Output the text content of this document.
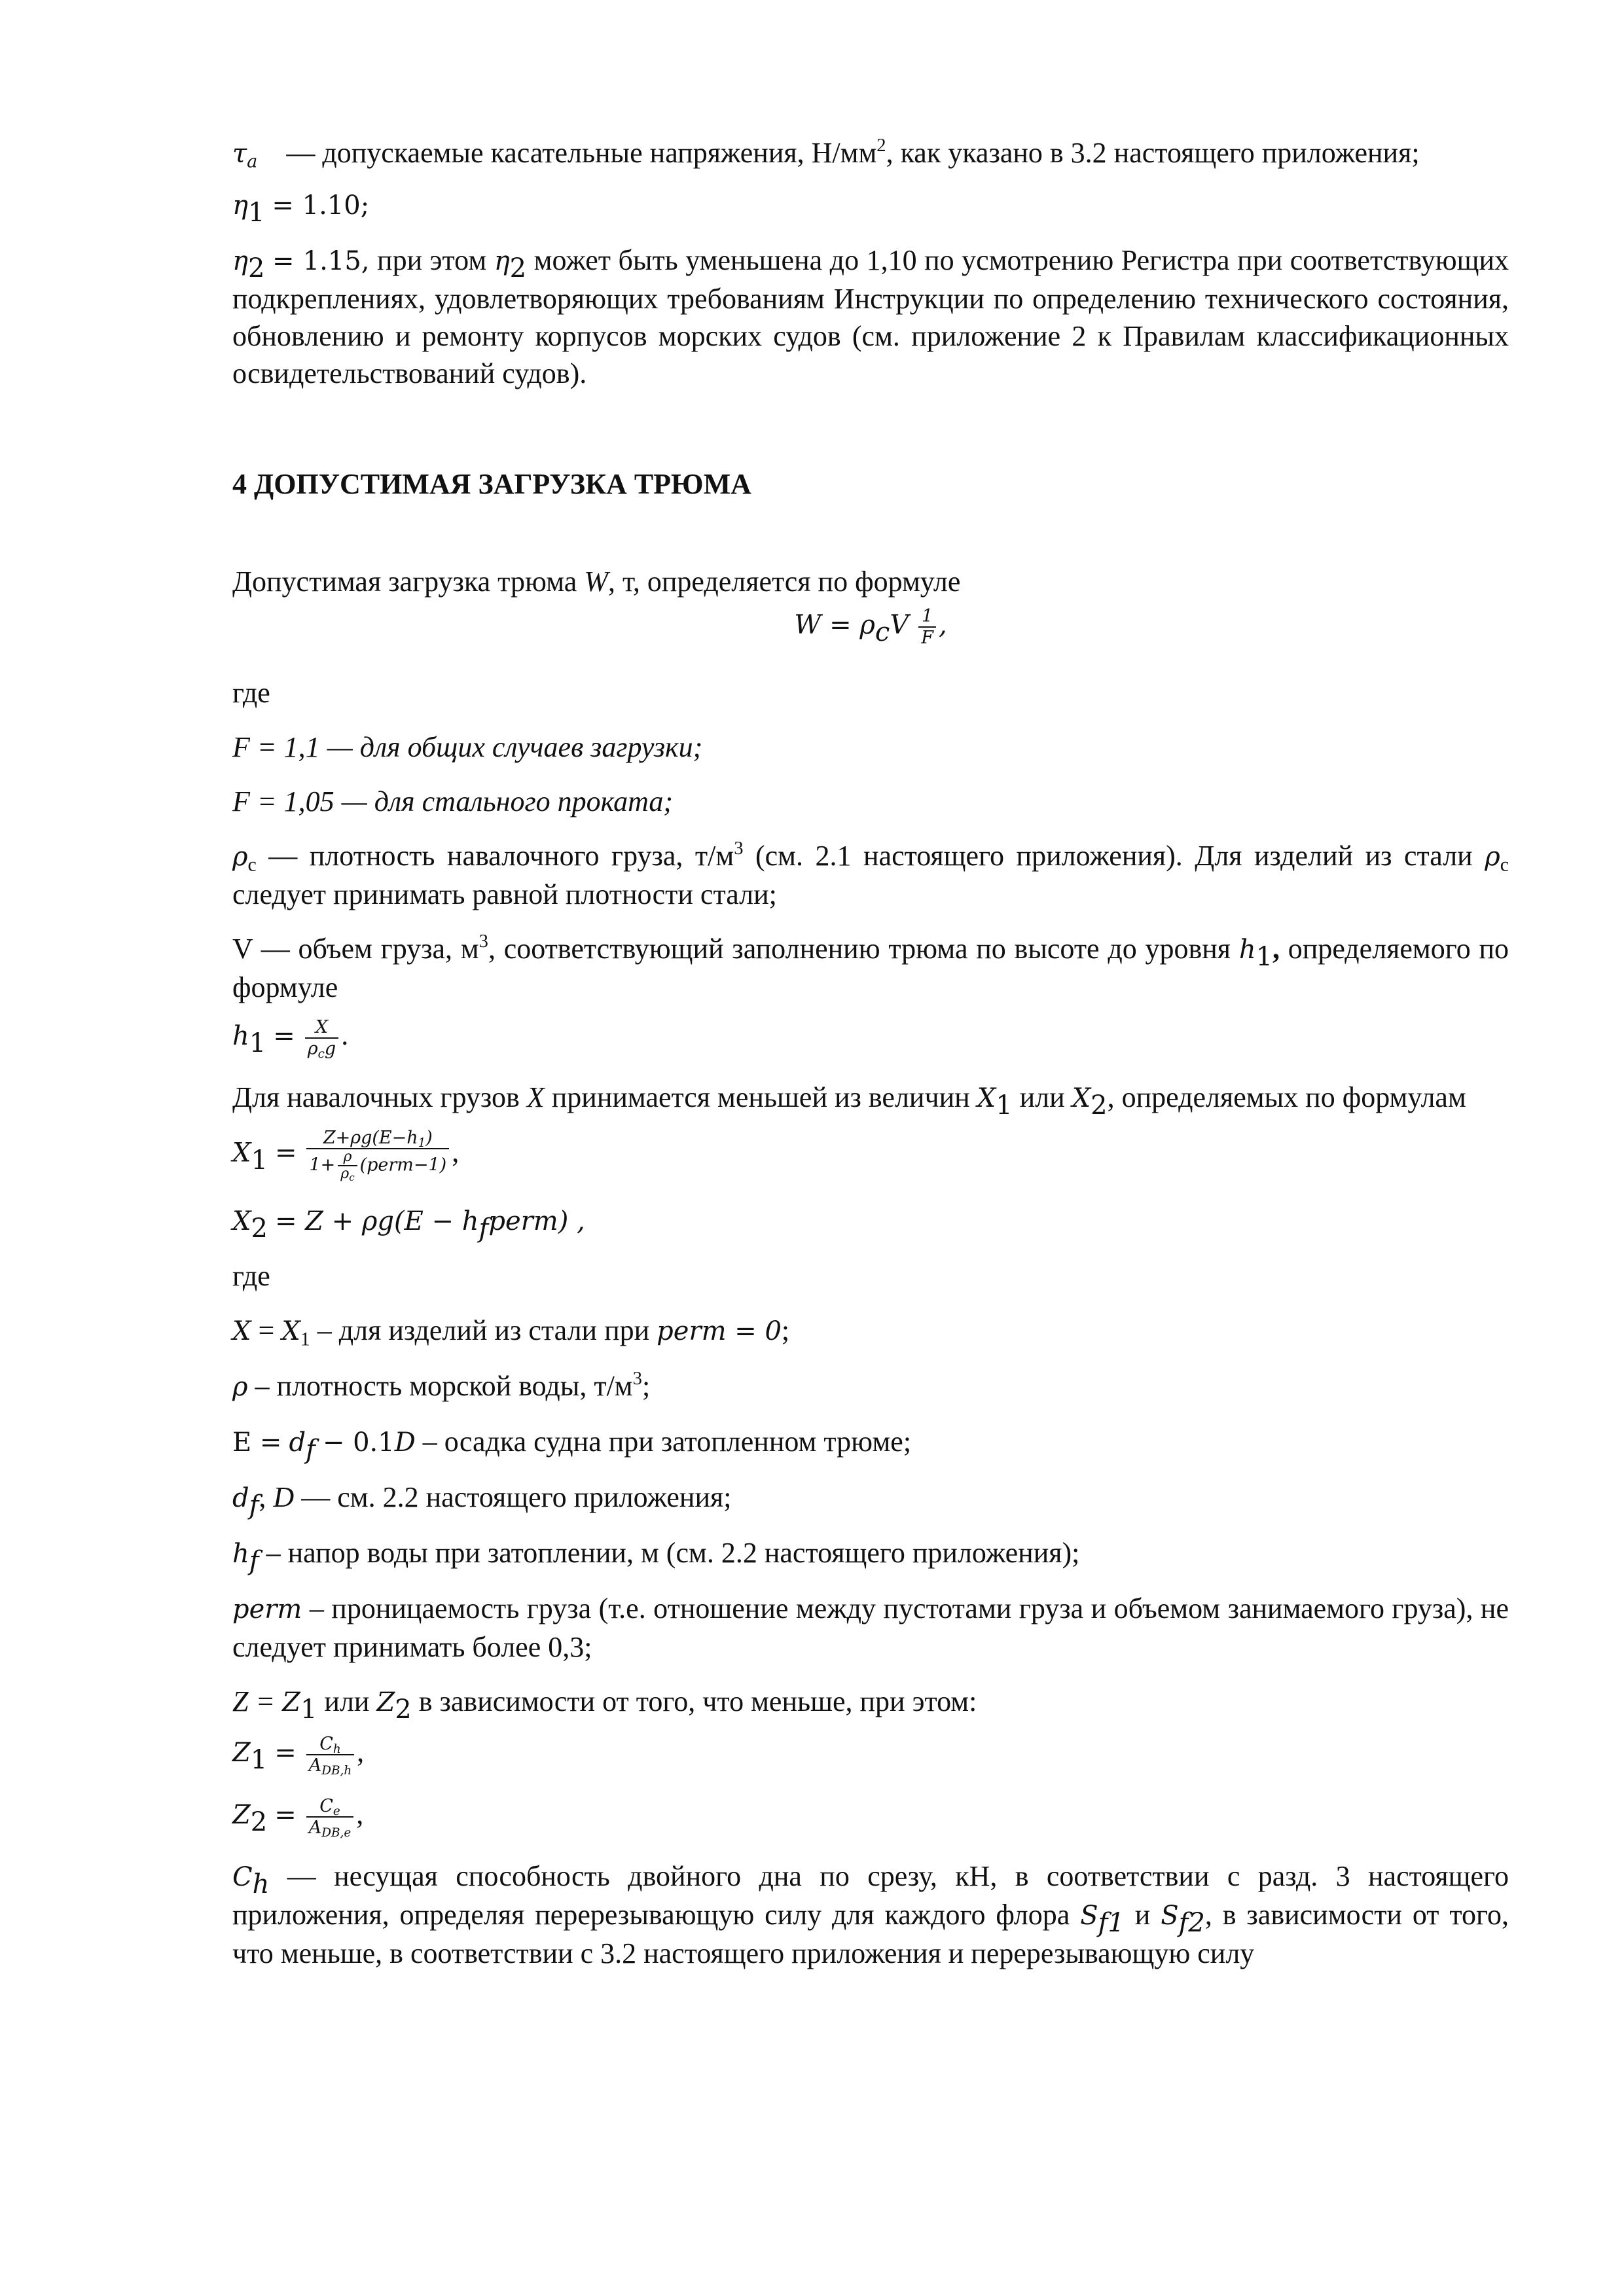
$\tau_a$ — допускаемые касательные напряжения, $Н/мм^2$, как указано в 3.2 настоящего приложения;

$\eta_1 = 1.10$;

$\eta_2 = 1.15$, при этом $\eta_2$ может быть уменьшена до 1,10 по усмотрению Регистра при соответствующих подкреплениях, удовлетворяющих требованиям Инструкции по определению технического состояния, обновлению и ремонту корпусов морских судов (см. приложение 2 к Правилам классификационных освидетельствований судов).

4 ДОПУСТИМАЯ ЗАГРУЗКА ТРЮМА

Допустимая загрузка трюма W, т, определяется по формуле

$W = \rho_cV \frac{1}{F}$ ,

где

F = 1,1 — для общих случаев загрузки;

F = 1,05 — для стального проката;

$\rho_c$ — плотность навалочного груза, $т/м^3$ (см. 2.1 настоящего приложения). Для изделий из стали $\rho_c$ следует принимать равной плотности стали;

V — объем груза, $м^3$, соответствующий заполнению трюма по высоте до уровня $h_1$, определяемого по формуле

$h_1 = \frac{X}{\rho_cg}$ .

Для навалочных грузов X принимается меньшей из величин $X_1$ или $X_2$, определяемых по формулам

$X_1 = \frac{Z+\rho g(E-h_1)}{1+ \frac{\rho}{\rho_c} (perm-1)}$ ,

$X_2 = Z + \rho g(E$ − $h_fperm$) ,

где

$X = X_1$ – для изделий из стали при perm = 0;

ρ – плотность морской воды, $т/м^3$;

$E = d_f - 0.1D$ – осадка судна при затопленном трюме;

$d_f$, D — см. 2.2 настоящего приложения;

$h_f$ – напор воды при затоплении, м (см. 2.2 настоящего приложения);

perm – проницаемость груза (т.е. отношение между пустотами груза и объемом занимаемого груза), не следует принимать более 0,3;

$Z = Z_1$ или $Z_2$ в зависимости от того, что меньше, при этом:

$Z_1 = \frac{C_h}{A_{DB,h}}$ ,

$Z_2 = \frac{C_e}{A_{DB,e}}$ ,

$C_h$ — несущая способность двойного дна по срезу, кН, в соответствии с разд. 3 настоящего приложения, определяя перерезывающую силу для каждого флора $S_{f1}$ и $S_{f2}$, в зависимости от того, что меньше, в соответствии с 3.2 настоящего приложения и перерезывающую силу
